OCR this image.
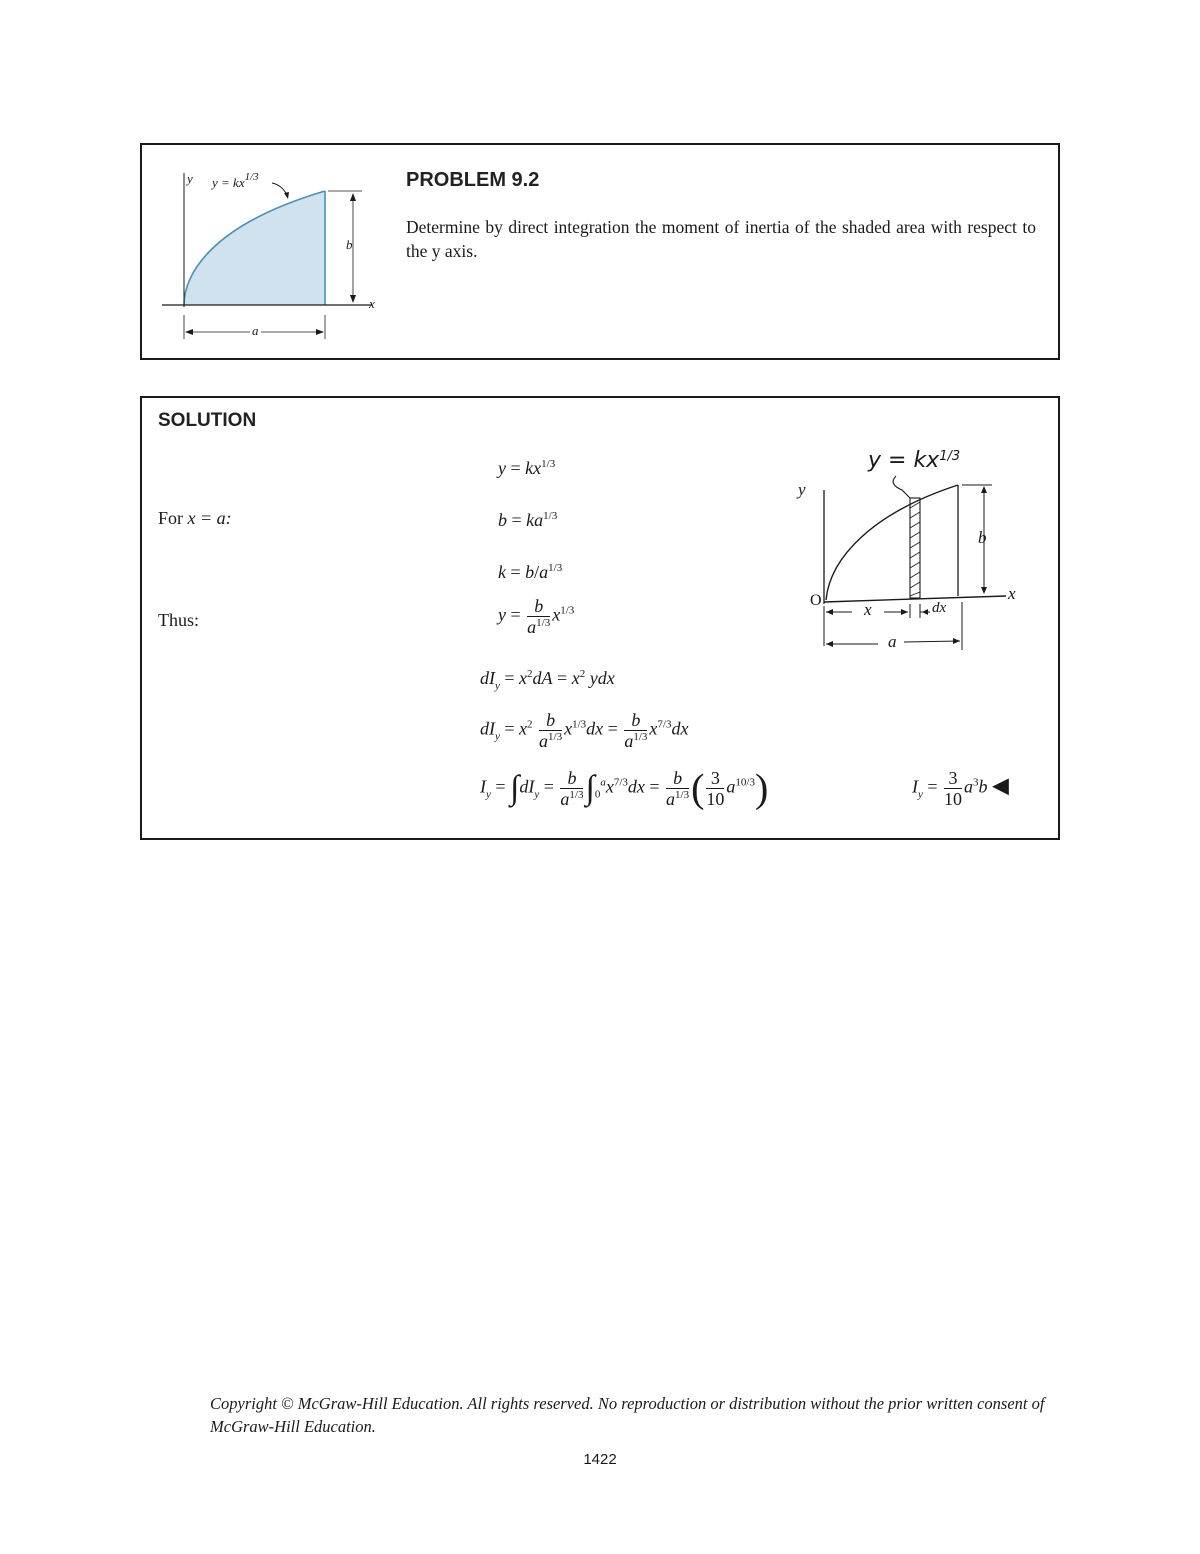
y $y = kx^{1/3}$
b
x
a
PROBLEM 9.2
Determine by direct integration the moment of inertia of the shaded area with respect to the y axis.
SOLUTION
For x = a:
Thus:
$y = kx^{1/3}$
$b = ka^{1/3}$
$k = b/a^{1/3}$
$y = \frac{b}{a^{1/3}} x^{1/3}$
$dI_y = x^2dA = x^2$ ydx
$dI_y = x^2 \frac{b}{a^{1/3}} x^{1/3}dx = \frac{b}{a^{1/3}} x^{7/3}dx$
$I_y = \int dI_y = \frac{b}{a^{1/3}} \int_0^ax^{7/3}dx = \frac{b}{a^{1/3}}$ ( $\frac{3}{10} a^{10/3}$)	$I_y = \frac{3}{10} a^3b$ ◀
$y = kx^{1/3}$
y
b
x
O x	dx
a
Copyright © McGraw-Hill Education. All rights reserved. No reproduction or distribution without the prior written consent of McGraw-Hill Education.
1422
